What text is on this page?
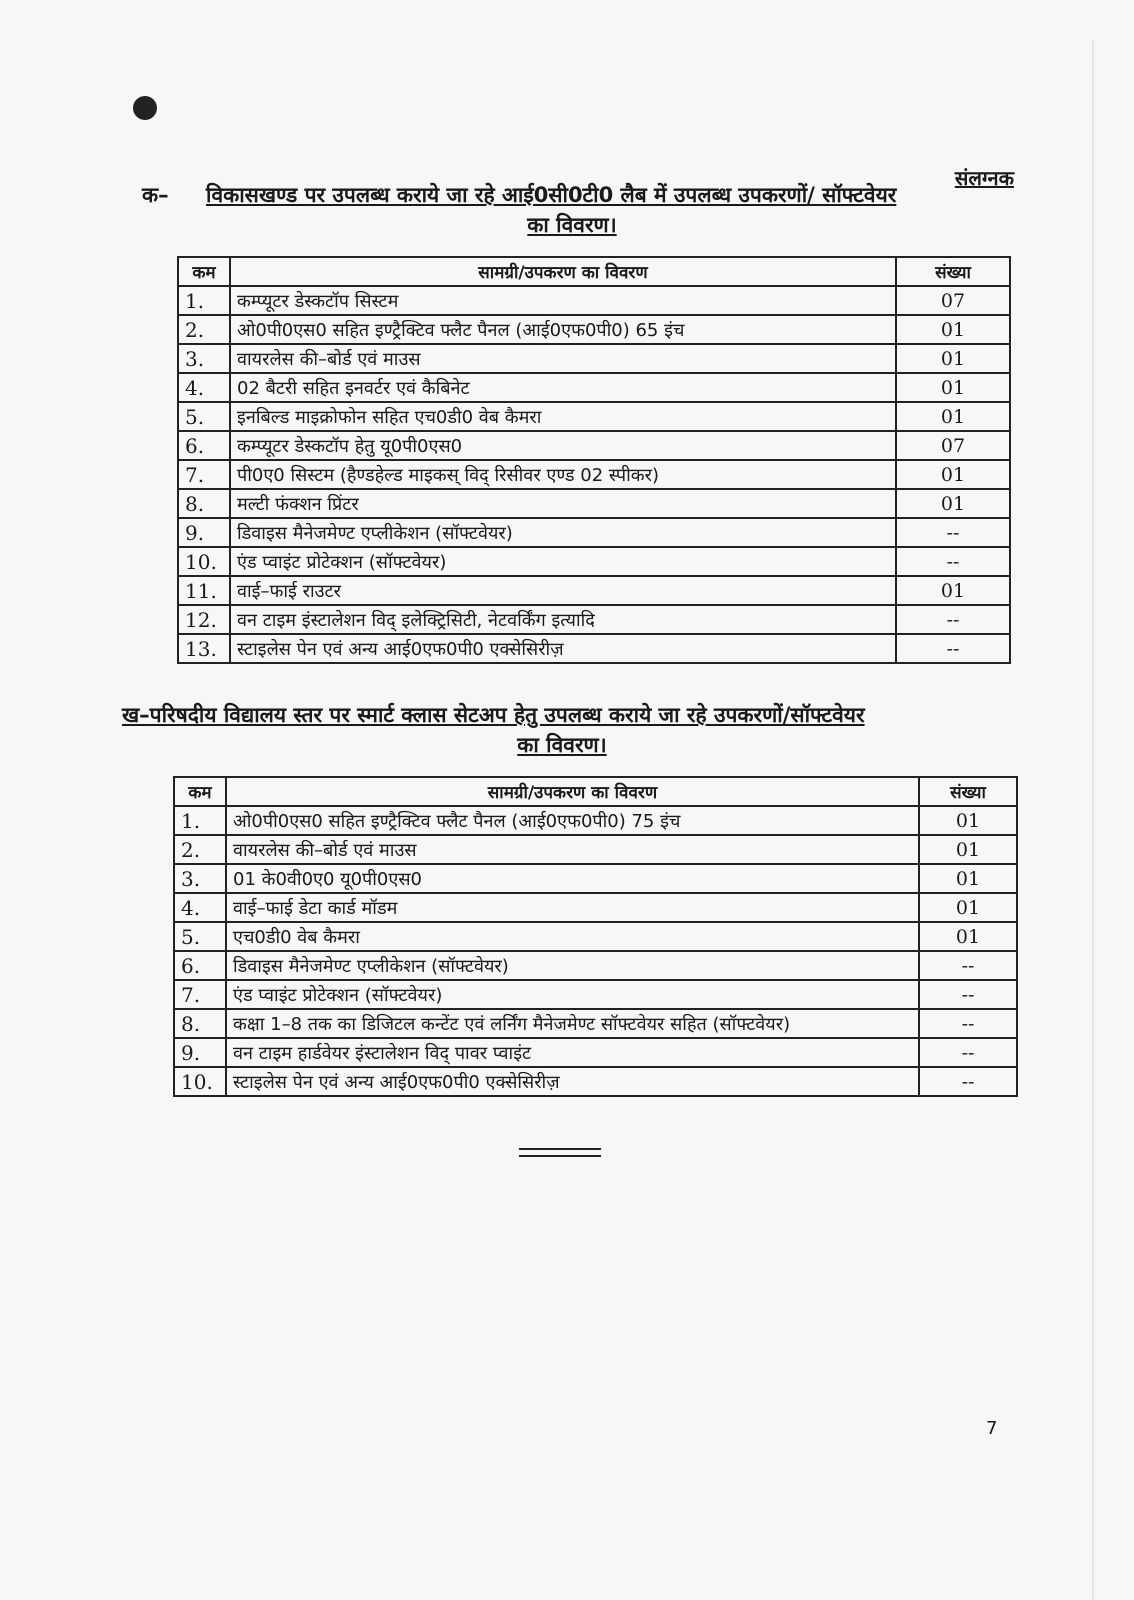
संलग्नक
क– विकासखण्ड पर उपलब्ध कराये जा रहे आई0सी0टी0 लैब में उपलब्ध उपकरणों/ सॉफ्टवेयर
का विवरण।
कम	सामग्री/उपकरण का विवरण	संख्या
1.	कम्प्यूटर डेस्कटॉप सिस्टम	07
2.	ओ0पी0एस0 सहित इण्ट्रैक्टिव फ्लैट पैनल (आई0एफ0पी0) 65 इंच	01
3.	वायरलेस की–बोर्ड एवं माउस	01
4.	02 बैटरी सहित इनवर्टर एवं कैबिनेट	01
5.	इनबिल्ड माइक्रोफोन सहित एच0डी0 वेब कैमरा	01
6.	कम्प्यूटर डेस्कटॉप हेतु यू0पी0एस0	07
7.	पी0ए0 सिस्टम (हैण्डहेल्ड माइकस् विद् रिसीवर एण्ड 02 स्पीकर)	01
8.	मल्टी फंक्शन प्रिंटर	01
9.	डिवाइस मैनेजमेण्ट एप्लीकेशन (सॉफ्टवेयर)	--
10.	एंड प्वाइंट प्रोटेक्शन (सॉफ्टवेयर)	--
11.	वाई–फाई राउटर	01
12.	वन टाइम इंस्टालेशन विद् इलेक्ट्रिसिटी, नेटवर्किंग इत्यादि	--
13.	स्टाइलेस पेन एवं अन्य आई0एफ0पी0 एक्सेसिरीज़	--
ख–परिषदीय विद्यालय स्तर पर स्मार्ट क्लास सेटअप हेतु उपलब्ध कराये जा रहे उपकरणों/सॉफ्टवेयर
का विवरण।
कम	सामग्री/उपकरण का विवरण	संख्या
1.	ओ0पी0एस0 सहित इण्ट्रैक्टिव फ्लैट पैनल (आई0एफ0पी0) 75 इंच	01
2.	वायरलेस की–बोर्ड एवं माउस	01
3.	01 के0वी0ए0 यू0पी0एस0	01
4.	वाई–फाई डेटा कार्ड मॉडम	01
5.	एच0डी0 वेब कैमरा	01
6.	डिवाइस मैनेजमेण्ट एप्लीकेशन (सॉफ्टवेयर)	--
7.	एंड प्वाइंट प्रोटेक्शन (सॉफ्टवेयर)	--
8.	कक्षा 1–8 तक का डिजिटल कन्टेंट एवं लर्निंग मैनेजमेण्ट सॉफ्टवेयर सहित (सॉफ्टवेयर)	--
9.	वन टाइम हार्डवेयर इंस्टालेशन विद् पावर प्वाइंट	--
10.	स्टाइलेस पेन एवं अन्य आई0एफ0पी0 एक्सेसिरीज़	--
7
